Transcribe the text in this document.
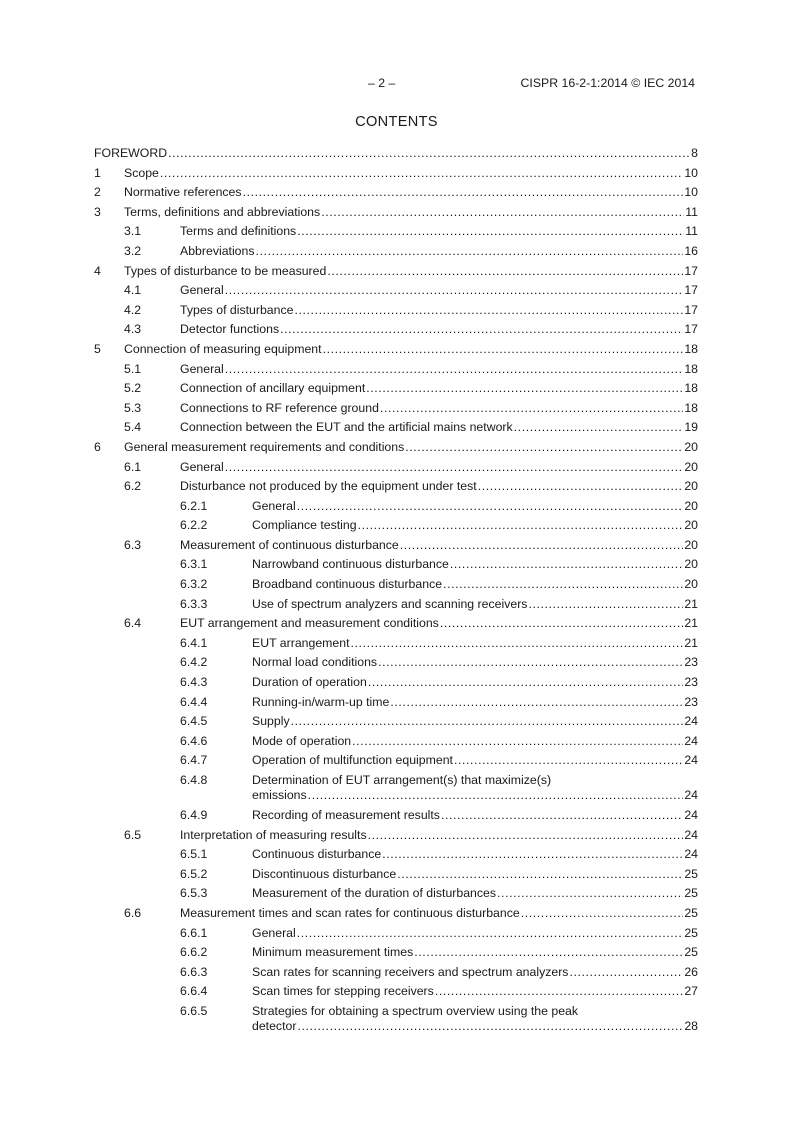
– 2 –	CISPR 16-2-1:2014 © IEC 2014
CONTENTS
FOREWORD .....	8
1	Scope .....	10
2	Normative references .....	10
3	Terms, definitions and abbreviations .....	11
3.1	Terms and definitions .....	11
3.2	Abbreviations .....	16
4	Types of disturbance to be measured .....	17
4.1	General .....	17
4.2	Types of disturbance .....	17
4.3	Detector functions .....	17
5	Connection of measuring equipment .....	18
5.1	General .....	18
5.2	Connection of ancillary equipment .....	18
5.3	Connections to RF reference ground .....	18
5.4	Connection between the EUT and the artificial mains network .....	19
6	General measurement requirements and conditions .....	20
6.1	General .....	20
6.2	Disturbance not produced by the equipment under test .....	20
6.2.1	General .....	20
6.2.2	Compliance testing .....	20
6.3	Measurement of continuous disturbance .....	20
6.3.1	Narrowband continuous disturbance .....	20
6.3.2	Broadband continuous disturbance .....	20
6.3.3	Use of spectrum analyzers and scanning receivers .....	21
6.4	EUT arrangement and measurement conditions .....	21
6.4.1	EUT arrangement .....	21
6.4.2	Normal load conditions .....	23
6.4.3	Duration of operation .....	23
6.4.4	Running-in/warm-up time .....	23
6.4.5	Supply .....	24
6.4.6	Mode of operation .....	24
6.4.7	Operation of multifunction equipment .....	24
6.4.8	Determination of EUT arrangement(s) that maximize(s)
emissions .....	24
6.4.9	Recording of measurement results .....	24
6.5	Interpretation of measuring results .....	24
6.5.1	Continuous disturbance .....	24
6.5.2	Discontinuous disturbance .....	25
6.5.3	Measurement of the duration of disturbances .....	25
6.6	Measurement times and scan rates for continuous disturbance .....	25
6.6.1	General .....	25
6.6.2	Minimum measurement times .....	25
6.6.3	Scan rates for scanning receivers and spectrum analyzers .....	26
6.6.4	Scan times for stepping receivers .....	27
6.6.5	Strategies for obtaining a spectrum overview using the peak
detector .....	28
